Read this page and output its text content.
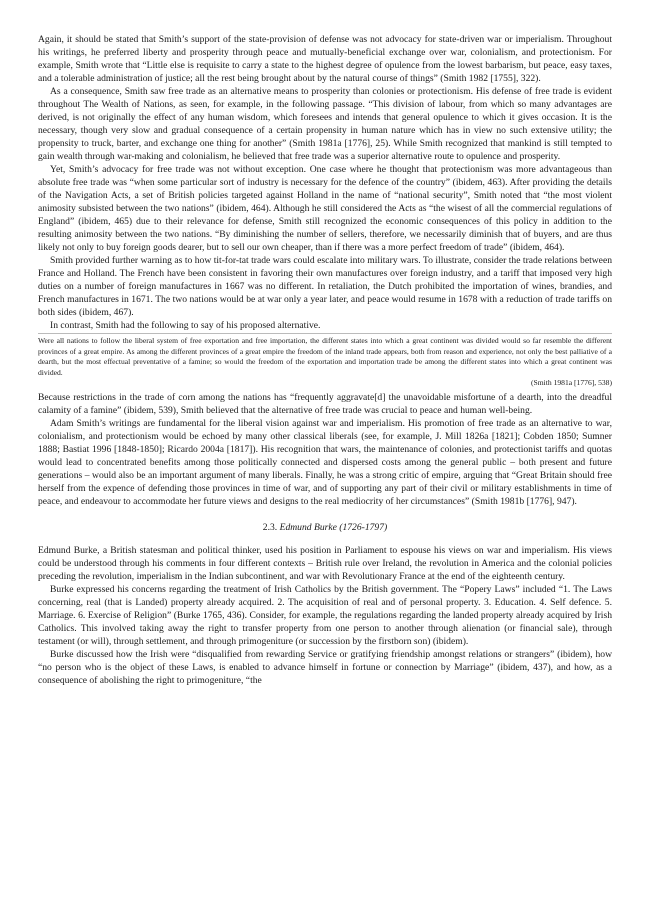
Again, it should be stated that Smith’s support of the state-provision of defense was not advocacy for state-driven war or imperialism. Throughout his writings, he preferred liberty and prosperity through peace and mutually-beneficial exchange over war, colonialism, and protectionism. For example, Smith wrote that “Little else is requisite to carry a state to the highest degree of opulence from the lowest barbarism, but peace, easy taxes, and a tolerable administration of justice; all the rest being brought about by the natural course of things” (Smith 1982 [1755], 322).

As a consequence, Smith saw free trade as an alternative means to prosperity than colonies or protectionism. His defense of free trade is evident throughout The Wealth of Nations, as seen, for example, in the following passage. “This division of labour, from which so many advantages are derived, is not originally the effect of any human wisdom, which foresees and intends that general opulence to which it gives occasion. It is the necessary, though very slow and gradual consequence of a certain propensity in human nature which has in view no such extensive utility; the propensity to truck, barter, and exchange one thing for another” (Smith 1981a [1776], 25). While Smith recognized that mankind is still tempted to gain wealth through war-making and colonialism, he believed that free trade was a superior alternative route to opulence and prosperity.

Yet, Smith’s advocacy for free trade was not without exception. One case where he thought that protectionism was more advantageous than absolute free trade was “when some particular sort of industry is necessary for the defence of the country” (ibidem, 463). After providing the details of the Navigation Acts, a set of British policies targeted against Holland in the name of “national security”, Smith noted that “the most violent animosity subsisted between the two nations” (ibidem, 464). Although he still considered the Acts as “the wisest of all the commercial regulations of England” (ibidem, 465) due to their relevance for defense, Smith still recognized the economic consequences of this policy in addition to the resulting animosity between the two nations. “By diminishing the number of sellers, therefore, we necessarily diminish that of buyers, and are thus likely not only to buy foreign goods dearer, but to sell our own cheaper, than if there was a more perfect freedom of trade” (ibidem, 464).

Smith provided further warning as to how tit-for-tat trade wars could escalate into military wars. To illustrate, consider the trade relations between France and Holland. The French have been consistent in favoring their own manufactures over foreign industry, and a tariff that imposed very high duties on a number of foreign manufactures in 1667 was no different. In retaliation, the Dutch prohibited the importation of wines, brandies, and French manufactures in 1671. The two nations would be at war only a year later, and peace would resume in 1678 with a reduction of trade tariffs on both sides (ibidem, 467).

In contrast, Smith had the following to say of his proposed alternative.

Were all nations to follow the liberal system of free exportation and free importation, the different states into which a great continent was divided would so far resemble the different provinces of a great empire. As among the different provinces of a great empire the freedom of the inland trade appears, both from reason and experience, not only the best palliative of a dearth, but the most effectual preventative of a famine; so would the freedom of the exportation and importation trade be among the different states into which a great continent was divided.

(Smith 1981a [1776], 538)

Because restrictions in the trade of corn among the nations has “frequently aggravate[d] the unavoidable misfortune of a dearth, into the dreadful calamity of a famine” (ibidem, 539), Smith believed that the alternative of free trade was crucial to peace and human well-being.

Adam Smith’s writings are fundamental for the liberal vision against war and imperialism. His promotion of free trade as an alternative to war, colonialism, and protectionism would be echoed by many other classical liberals (see, for example, J. Mill 1826a [1821]; Cobden 1850; Sumner 1888; Bastiat 1996 [1848-1850]; Ricardo 2004a [1817]). His recognition that wars, the maintenance of colonies, and protectionist tariffs and quotas would lead to concentrated benefits among those politically connected and dispersed costs among the general public – both present and future generations – would also be an important argument of many liberals. Finally, he was a strong critic of empire, arguing that “Great Britain should free herself from the expence of defending those provinces in time of war, and of supporting any part of their civil or military establishments in time of peace, and endeavour to accommodate her future views and designs to the real mediocrity of her circumstances” (Smith 1981b [1776], 947).

2.3. Edmund Burke (1726-1797)

Edmund Burke, a British statesman and political thinker, used his position in Parliament to espouse his views on war and imperialism. His views could be understood through his comments in four different contexts – British rule over Ireland, the revolution in America and the colonial policies preceding the revolution, imperialism in the Indian subcontinent, and war with Revolutionary France at the end of the eighteenth century.

Burke expressed his concerns regarding the treatment of Irish Catholics by the British government. The “Popery Laws” included “1. The Laws concerning, real (that is Landed) property already acquired. 2. The acquisition of real and of personal property. 3. Education. 4. Self defence. 5. Marriage. 6. Exercise of Religion” (Burke 1765, 436). Consider, for example, the regulations regarding the landed property already acquired by Irish Catholics. This involved taking away the right to transfer property from one person to another through alienation (or financial sale), through testament (or will), through settlement, and through primogeniture (or succession by the firstborn son) (ibidem).

Burke discussed how the Irish were “disqualified from rewarding Service or gratifying friendship amongst relations or strangers” (ibidem), how “no person who is the object of these Laws, is enabled to advance himself in fortune or connection by Marriage” (ibidem, 437), and how, as a consequence of abolishing the right to primogeniture, “the
